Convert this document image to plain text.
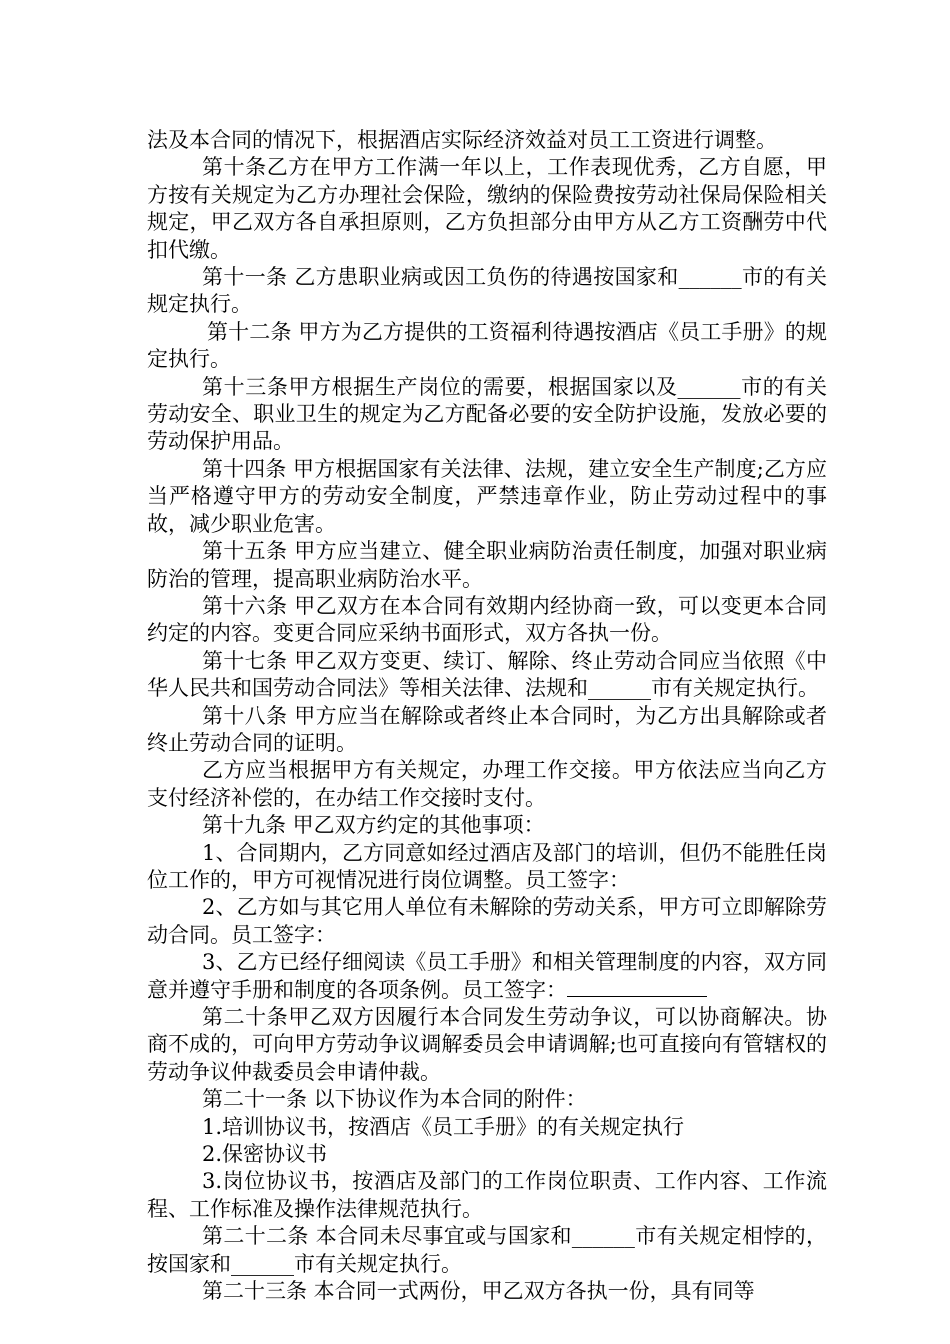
法及本合同的情况下，根据酒店实际经济效益对员工工资进行调整。

第十条乙方在甲方工作满一年以上，工作表现优秀，乙方自愿，甲方按有关规定为乙方办理社会保险，缴纳的保险费按劳动社保局保险相关规定，甲乙双方各自承担原则，乙方负担部分由甲方从乙方工资酬劳中代扣代缴。

第十一条 乙方患职业病或因工负伤的待遇按国家和______市的有关规定执行。

第十二条 甲方为乙方提供的工资福利待遇按酒店《员工手册》的规定执行。

第十三条甲方根据生产岗位的需要，根据国家以及______市的有关劳动安全、职业卫生的规定为乙方配备必要的安全防护设施，发放必要的劳动保护用品。

第十四条 甲方根据国家有关法律、法规，建立安全生产制度;乙方应当严格遵守甲方的劳动安全制度，严禁违章作业，防止劳动过程中的事故，减少职业危害。

第十五条 甲方应当建立、健全职业病防治责任制度，加强对职业病防治的管理，提高职业病防治水平。

第十六条 甲乙双方在本合同有效期内经协商一致，可以变更本合同约定的内容。变更合同应采纳书面形式，双方各执一份。

第十七条 甲乙双方变更、续订、解除、终止劳动合同应当依照《中华人民共和国劳动合同法》等相关法律、法规和______市有关规定执行。

第十八条 甲方应当在解除或者终止本合同时，为乙方出具解除或者终止劳动合同的证明。

乙方应当根据甲方有关规定，办理工作交接。甲方依法应当向乙方支付经济补偿的，在办结工作交接时支付。

第十九条 甲乙双方约定的其他事项：

1、合同期内，乙方同意如经过酒店及部门的培训，但仍不能胜任岗位工作的，甲方可视情况进行岗位调整。员工签字：

2、乙方如与其它用人单位有未解除的劳动关系，甲方可立即解除劳动合同。员工签字：

3、乙方已经仔细阅读《员工手册》和相关管理制度的内容，双方同意并遵守手册和制度的各项条例。员工签字：

第二十条甲乙双方因履行本合同发生劳动争议，可以协商解决。协商不成的，可向甲方劳动争议调解委员会申请调解;也可直接向有管辖权的劳动争议仲裁委员会申请仲裁。

第二十一条 以下协议作为本合同的附件：

1.培训协议书，按酒店《员工手册》的有关规定执行

2.保密协议书

3.岗位协议书，按酒店及部门的工作岗位职责、工作内容、工作流程、工作标准及操作法律规范执行。

第二十二条 本合同未尽事宜或与国家和______市有关规定相悖的，按国家和______市有关规定执行。

第二十三条 本合同一式两份，甲乙双方各执一份，具有同等
